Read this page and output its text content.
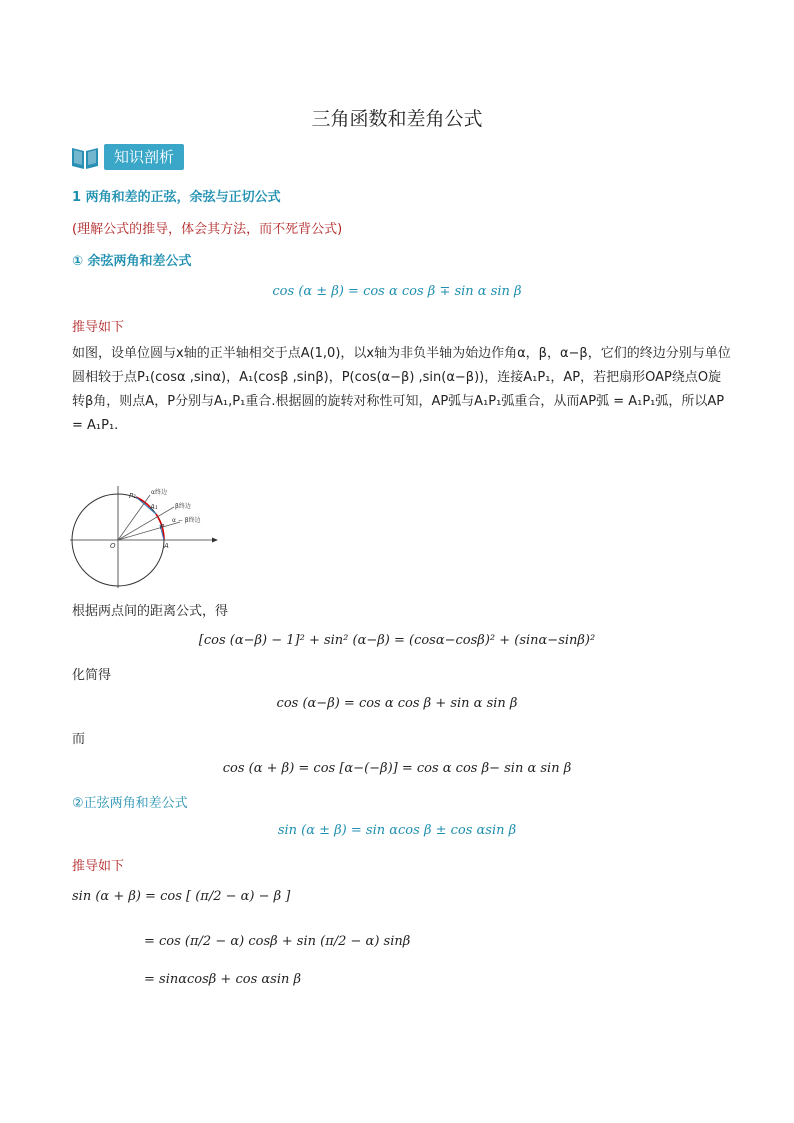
三角函数和差角公式
知识剖析
1 两角和差的正弦，余弦与正切公式
(理解公式的推导，体会其方法，而不死背公式)
① 余弦两角和差公式
cos (α ± β) = cos α cos β ∓ sin α sin β
推导如下
如图，设单位圆与x轴的正半轴相交于点A(1,0)，以x轴为非负半轴为始边作角α，β，α−β，它们的终边分别与单位圆相较于点P₁(cosα ,sinα)，A₁(cosβ ,sinβ)，P(cos(α−β) ,sin(α−β))，连接A₁P₁，AP，若把扇形OAP绕点O旋转β角，则点A，P分别与A₁,P₁重合.根据圆的旋转对称性可知，AP弧与A₁P₁弧重合，从而AP弧 = A₁P₁弧，所以AP = A₁P₁.
α终边
β终边
α − β终边
O	A
P₁
A₁
P
根据两点间的距离公式，得
[cos (α−β) − 1]² + sin² (α−β) = (cosα−cosβ)² + (sinα−sinβ)²
化简得
cos (α−β) = cos α cos β + sin α sin β
而
cos (α + β) = cos [α−(−β)] = cos α cos β− sin α sin β
②正弦两角和差公式
sin (α ± β) = sin αcos β ± cos αsin β
推导如下
sin (α + β) = cos [ (π/2 − α) − β ]
= cos (π/2 − α) cosβ + sin (π/2 − α) sinβ
= sinαcosβ + cos αsin β
